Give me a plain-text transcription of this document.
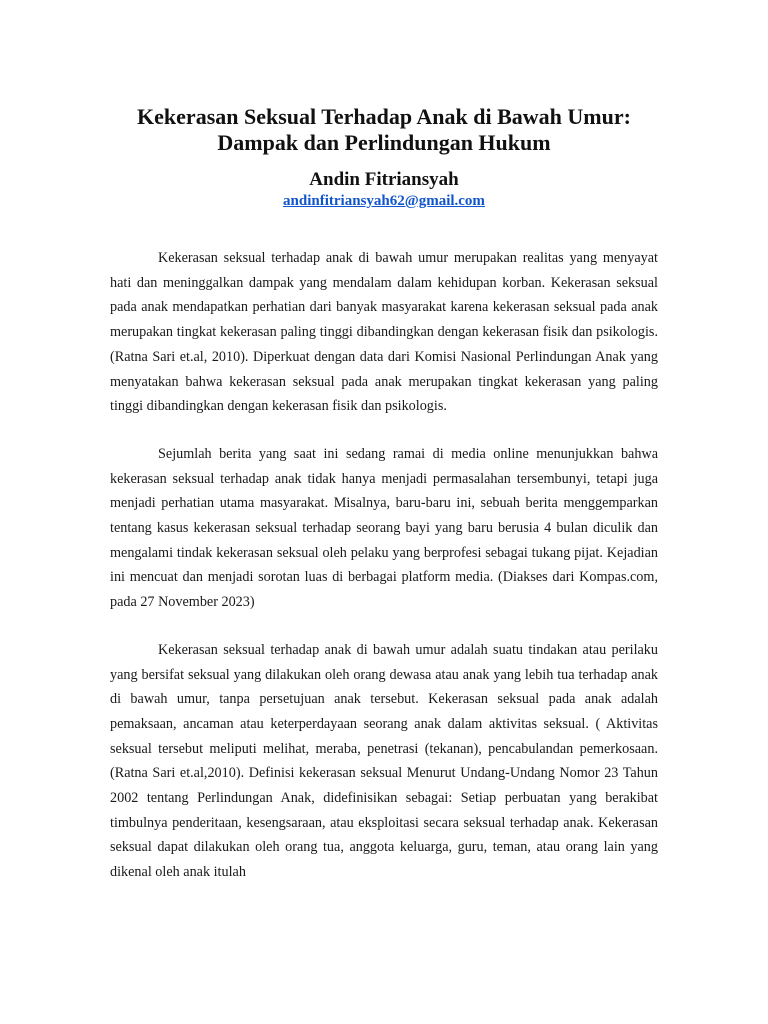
Kekerasan Seksual Terhadap Anak di Bawah Umur:
Dampak dan Perlindungan Hukum
Andin Fitriansyah
andinfitriansyah62@gmail.com

Kekerasan seksual terhadap anak di bawah umur merupakan realitas yang menyayat hati dan meninggalkan dampak yang mendalam dalam kehidupan korban. Kekerasan seksual pada anak mendapatkan perhatian dari banyak masyarakat karena kekerasan seksual pada anak merupakan tingkat kekerasan paling tinggi dibandingkan dengan kekerasan fisik dan psikologis. (Ratna Sari et.al, 2010). Diperkuat dengan data dari Komisi Nasional Perlindungan Anak yang menyatakan bahwa kekerasan seksual pada anak merupakan tingkat kekerasan yang paling tinggi dibandingkan dengan kekerasan fisik dan psikologis.

Sejumlah berita yang saat ini sedang ramai di media online menunjukkan bahwa kekerasan seksual terhadap anak tidak hanya menjadi permasalahan tersembunyi, tetapi juga menjadi perhatian utama masyarakat. Misalnya, baru-baru ini, sebuah berita menggemparkan tentang kasus kekerasan seksual terhadap seorang bayi yang baru berusia 4 bulan diculik dan mengalami tindak kekerasan seksual oleh pelaku yang berprofesi sebagai tukang pijat. Kejadian ini mencuat dan menjadi sorotan luas di berbagai platform media. (Diakses dari Kompas.com, pada 27 November 2023)

Kekerasan seksual terhadap anak di bawah umur adalah suatu tindakan atau perilaku yang bersifat seksual yang dilakukan oleh orang dewasa atau anak yang lebih tua terhadap anak di bawah umur, tanpa persetujuan anak tersebut. Kekerasan seksual pada anak adalah pemaksaan, ancaman atau keterperdayaan seorang anak dalam aktivitas seksual. ( Aktivitas seksual tersebut meliputi melihat, meraba, penetrasi (tekanan), pencabulandan pemerkosaan.(Ratna Sari et.al,2010). Definisi kekerasan seksual Menurut Undang-Undang Nomor 23 Tahun 2002 tentang Perlindungan Anak, didefinisikan sebagai: Setiap perbuatan yang berakibat timbulnya penderitaan, kesengsaraan, atau eksploitasi secara seksual terhadap anak. Kekerasan seksual dapat dilakukan oleh orang tua, anggota keluarga, guru, teman, atau orang lain yang dikenal oleh anak itulah
